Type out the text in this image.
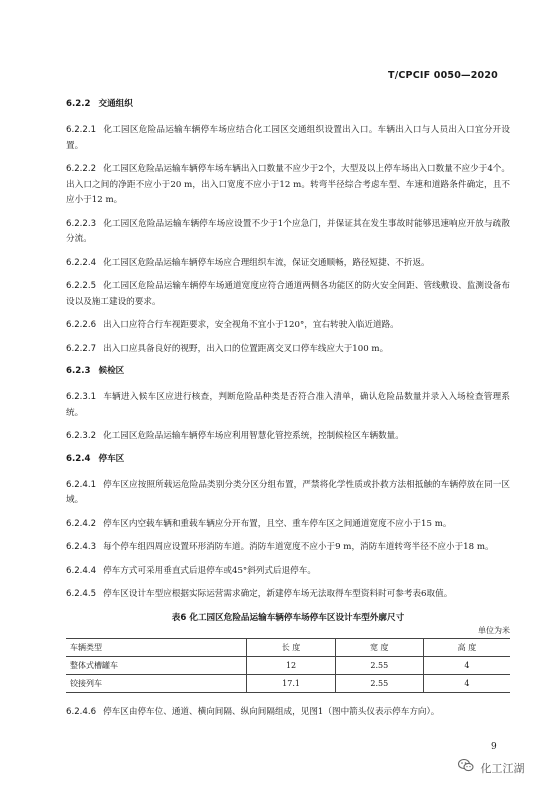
T/CPCIF 0050—2020
6.2.2 交通组织
6.2.2.1 化工园区危险品运输车辆停车场应结合化工园区交通组织设置出入口。车辆出入口与人员出入口宜分开设置。
6.2.2.2 化工园区危险品运输车辆停车场车辆出入口数量不应少于2个，大型及以上停车场出入口数量不应少于4个。出入口之间的净距不应小于20 m，出入口宽度不应小于12 m。转弯半径综合考虑车型、车速和道路条件确定，且不应小于12 m。
6.2.2.3 化工园区危险品运输车辆停车场应设置不少于1个应急门，并保证其在发生事故时能够迅速响应开放与疏散分流。
6.2.2.4 化工园区危险品运输车辆停车场应合理组织车流，保证交通顺畅，路径短捷、不折返。
6.2.2.5 化工园区危险品运输车辆停车场通道宽度应符合通道两侧各功能区的防火安全间距、管线敷设、监测设备布设以及施工建设的要求。
6.2.2.6 出入口应符合行车视距要求，安全视角不宜小于120°，宜右转驶入临近道路。
6.2.2.7 出入口应具备良好的视野，出入口的位置距离交叉口停车线应大于100 m。
6.2.3 候检区
6.2.3.1 车辆进入候车区应进行核查，判断危险品种类是否符合准入清单，确认危险品数量并录入入场检查管理系统。
6.2.3.2 化工园区危险品运输车辆停车场应利用智慧化管控系统，控制候检区车辆数量。
6.2.4 停车区
6.2.4.1 停车区应按照所载运危险品类别分类分区分组布置，严禁将化学性质或扑救方法相抵触的车辆停放在同一区域。
6.2.4.2 停车区内空载车辆和重载车辆应分开布置，且空、重车停车区之间通道宽度不应小于15 m。
6.2.4.3 每个停车组四周应设置环形消防车道。消防车道宽度不应小于9 m，消防车道转弯半径不应小于18 m。
6.2.4.4 停车方式可采用垂直式后退停车或45°斜列式后退停车。
6.2.4.5 停车区设计车型应根据实际运营需求确定，新建停车场无法取得车型资料时可参考表6取值。
表6 化工园区危险品运输车辆停车场停车区设计车型外廓尺寸
单位为米
车辆类型	长 度	宽 度	高 度
整体式槽罐车	12	2.55	4
铰接列车	17.1	2.55	4
6.2.4.6 停车区由停车位、通道、横向间隔、纵向间隔组成，见图1（图中箭头仪表示停车方向）。
9
化工江湖
